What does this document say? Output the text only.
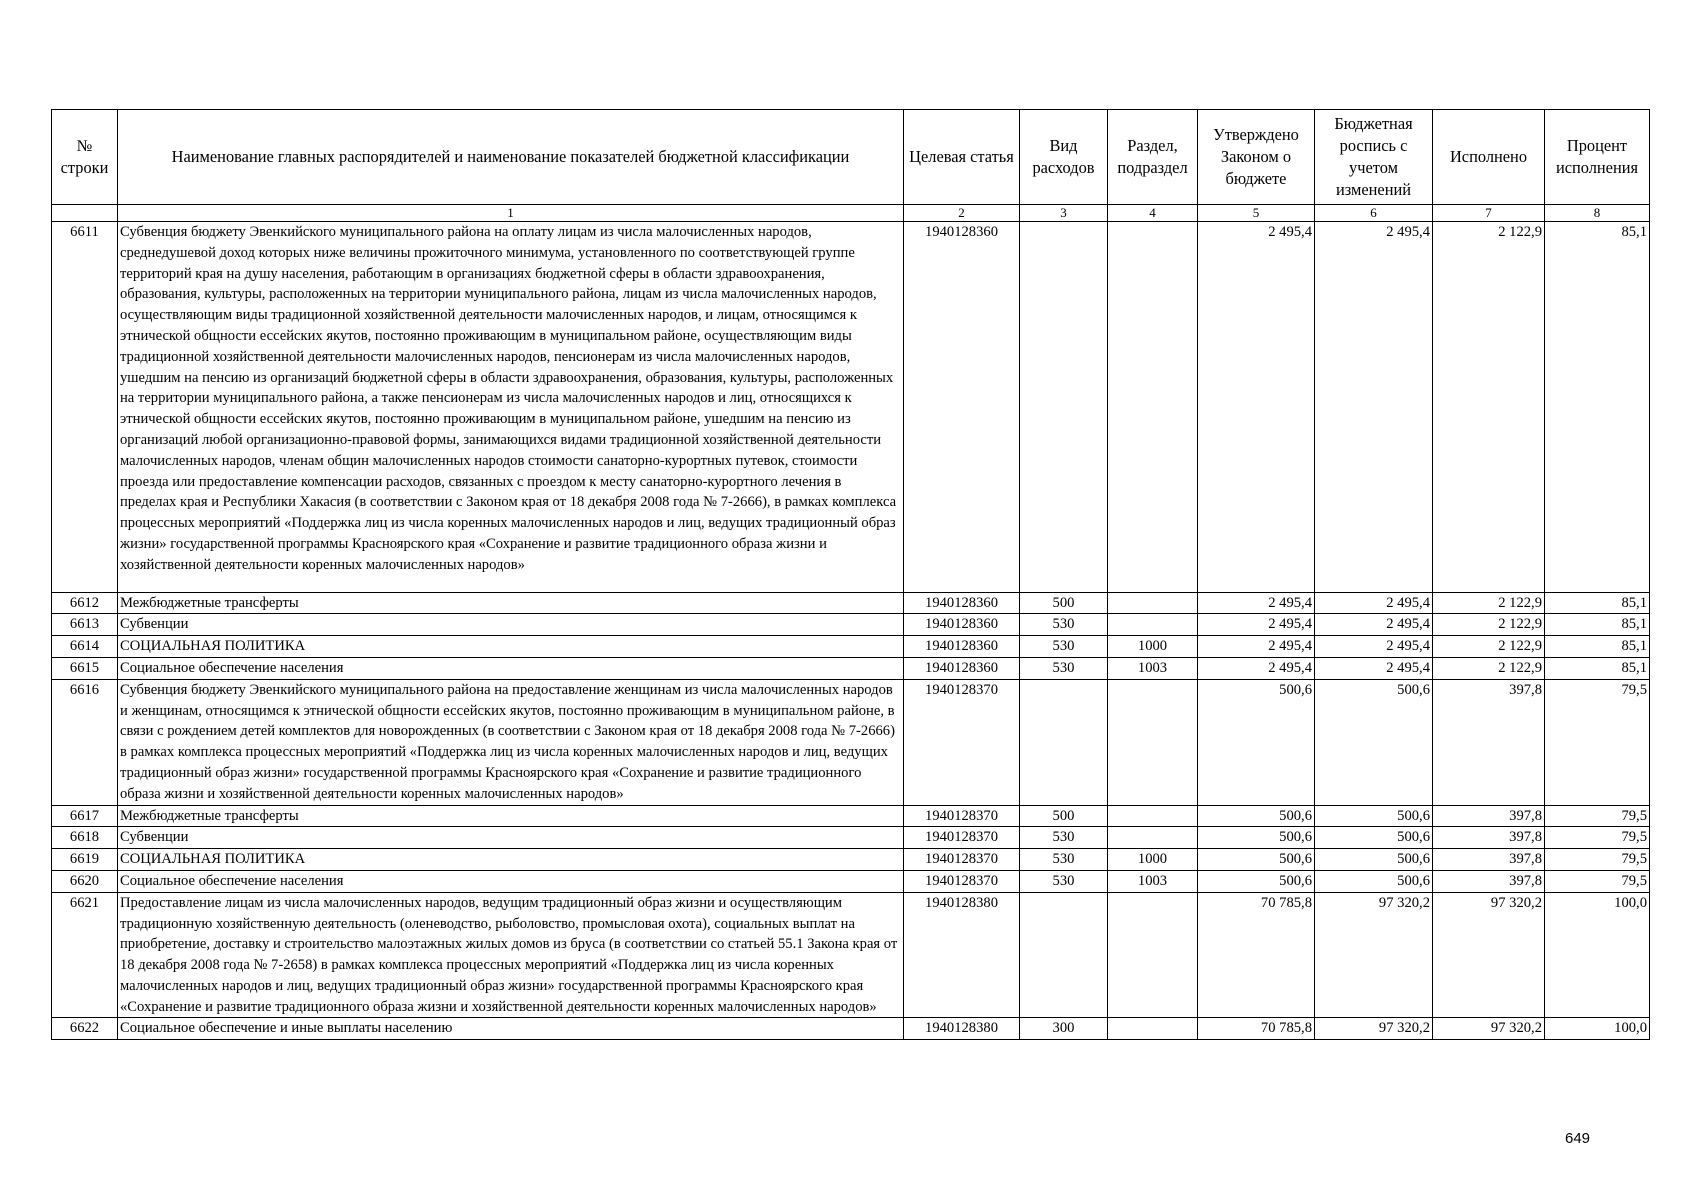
№ строки	Наименование главных распорядителей и наименование показателей бюджетной классификации	Целевая статья	Вид расходов	Раздел, подраздел	Утверждено Законом о бюджете	Бюджетная роспись с учетом изменений	Исполнено	Процент исполнения
	1	2	3	4	5	6	7	8
6611	Субвенция бюджету Эвенкийского муниципального района на оплату лицам из числа малочисленных народов, среднедушевой доход которых ниже величины прожиточного минимума, установленного по соответствующей группе территорий края на душу населения, работающим в организациях бюджетной сферы в области здравоохранения, образования, культуры, расположенных на территории муниципального района, лицам из числа малочисленных народов, осуществляющим виды традиционной хозяйственной деятельности малочисленных народов, и лицам, относящимся к этнической общности ессейских якутов, постоянно проживающим в муниципальном районе, осуществляющим виды традиционной хозяйственной деятельности малочисленных народов, пенсионерам из числа малочисленных народов, ушедшим на пенсию из организаций бюджетной сферы в области здравоохранения, образования, культуры, расположенных на территории муниципального района, а также пенсионерам из числа малочисленных народов и лиц, относящихся к этнической общности ессейских якутов, постоянно проживающим в муниципальном районе, ушедшим на пенсию из организаций любой организационно-правовой формы, занимающихся видами традиционной хозяйственной деятельности малочисленных народов, членам общин малочисленных народов стоимости санаторно-курортных путевок, стоимости проезда или предоставление компенсации расходов, связанных с проездом к месту санаторно-курортного лечения в пределах края и Республики Хакасия (в соответствии с Законом края от 18 декабря 2008 года № 7-2666), в рамках комплекса процессных мероприятий «Поддержка лиц из числа коренных малочисленных народов и лиц, ведущих традиционный образ жизни» государственной программы Красноярского края «Сохранение и развитие традиционного образа жизни и хозяйственной деятельности коренных малочисленных народов»	1940128360			2 495,4	2 495,4	2 122,9	85,1
6612	Межбюджетные трансферты	1940128360	500		2 495,4	2 495,4	2 122,9	85,1
6613	Субвенции	1940128360	530		2 495,4	2 495,4	2 122,9	85,1
6614	СОЦИАЛЬНАЯ ПОЛИТИКА	1940128360	530	1000	2 495,4	2 495,4	2 122,9	85,1
6615	Социальное обеспечение населения	1940128360	530	1003	2 495,4	2 495,4	2 122,9	85,1
6616	Субвенция бюджету Эвенкийского муниципального района на предоставление женщинам из числа малочисленных народов и женщинам, относящимся к этнической общности ессейских якутов, постоянно проживающим в муниципальном районе, в связи с рождением детей комплектов для новорожденных (в соответствии с Законом края от 18 декабря 2008 года № 7-2666) в рамках комплекса процессных мероприятий «Поддержка лиц из числа коренных малочисленных народов и лиц, ведущих традиционный образ жизни» государственной программы Красноярского края «Сохранение и развитие традиционного образа жизни и хозяйственной деятельности коренных малочисленных народов»	1940128370			500,6	500,6	397,8	79,5
6617	Межбюджетные трансферты	1940128370	500		500,6	500,6	397,8	79,5
6618	Субвенции	1940128370	530		500,6	500,6	397,8	79,5
6619	СОЦИАЛЬНАЯ ПОЛИТИКА	1940128370	530	1000	500,6	500,6	397,8	79,5
6620	Социальное обеспечение населения	1940128370	530	1003	500,6	500,6	397,8	79,5
6621	Предоставление лицам из числа малочисленных народов, ведущим традиционный образ жизни и осуществляющим традиционную хозяйственную деятельность (оленеводство, рыболовство, промысловая охота), социальных выплат на приобретение, доставку и строительство малоэтажных жилых домов из бруса (в соответствии со статьей 55.1 Закона края от 18 декабря 2008 года № 7-2658) в рамках комплекса процессных мероприятий «Поддержка лиц из числа коренных малочисленных народов и лиц, ведущих традиционный образ жизни» государственной программы Красноярского края «Сохранение и развитие традиционного образа жизни и хозяйственной деятельности коренных малочисленных народов»	1940128380			70 785,8	97 320,2	97 320,2	100,0
6622	Социальное обеспечение и иные выплаты населению	1940128380	300		70 785,8	97 320,2	97 320,2	100,0
649
